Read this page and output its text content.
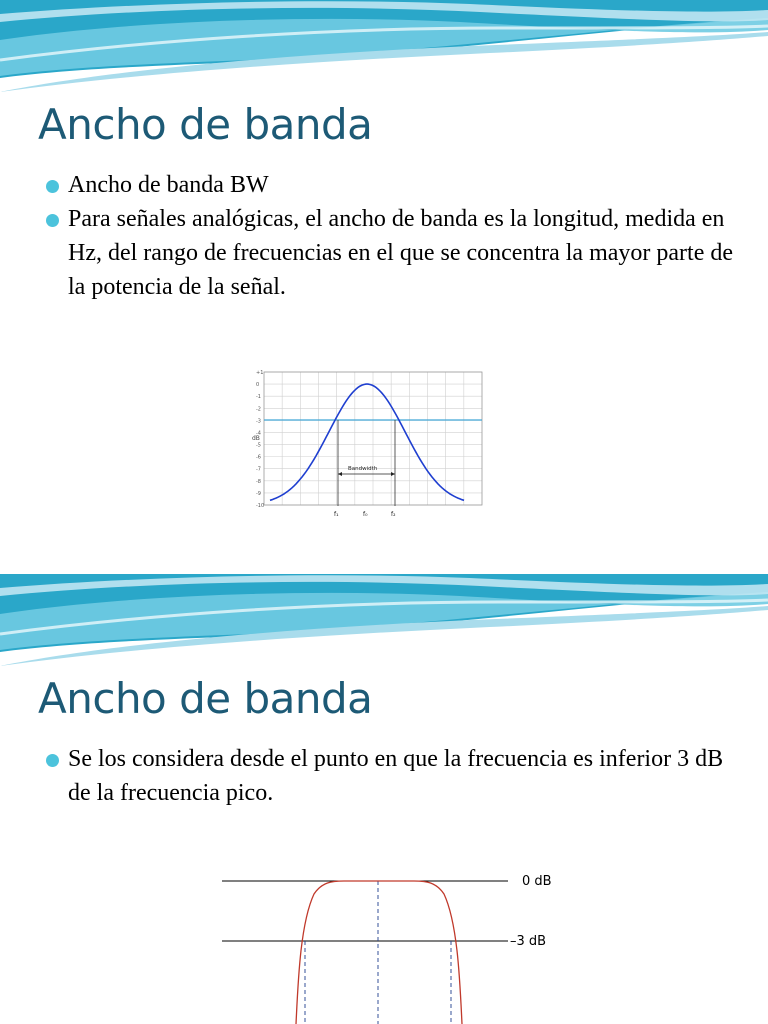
Ancho de banda
Ancho de banda BW
Para señales analógicas, el ancho de banda es la longitud, medida en Hz, del rango de frecuencias en el que se concentra la mayor parte de la potencia de la señal.
+1
0
-1
-2
-3
-4
-5
-6
-7
-8
-9
-10
dB
Bandwidth
f₁	f₀	f₂
Ancho de banda
Se los considera desde el punto en que la frecuencia es inferior 3 dB de la frecuencia pico.
0 dB
–3 dB
